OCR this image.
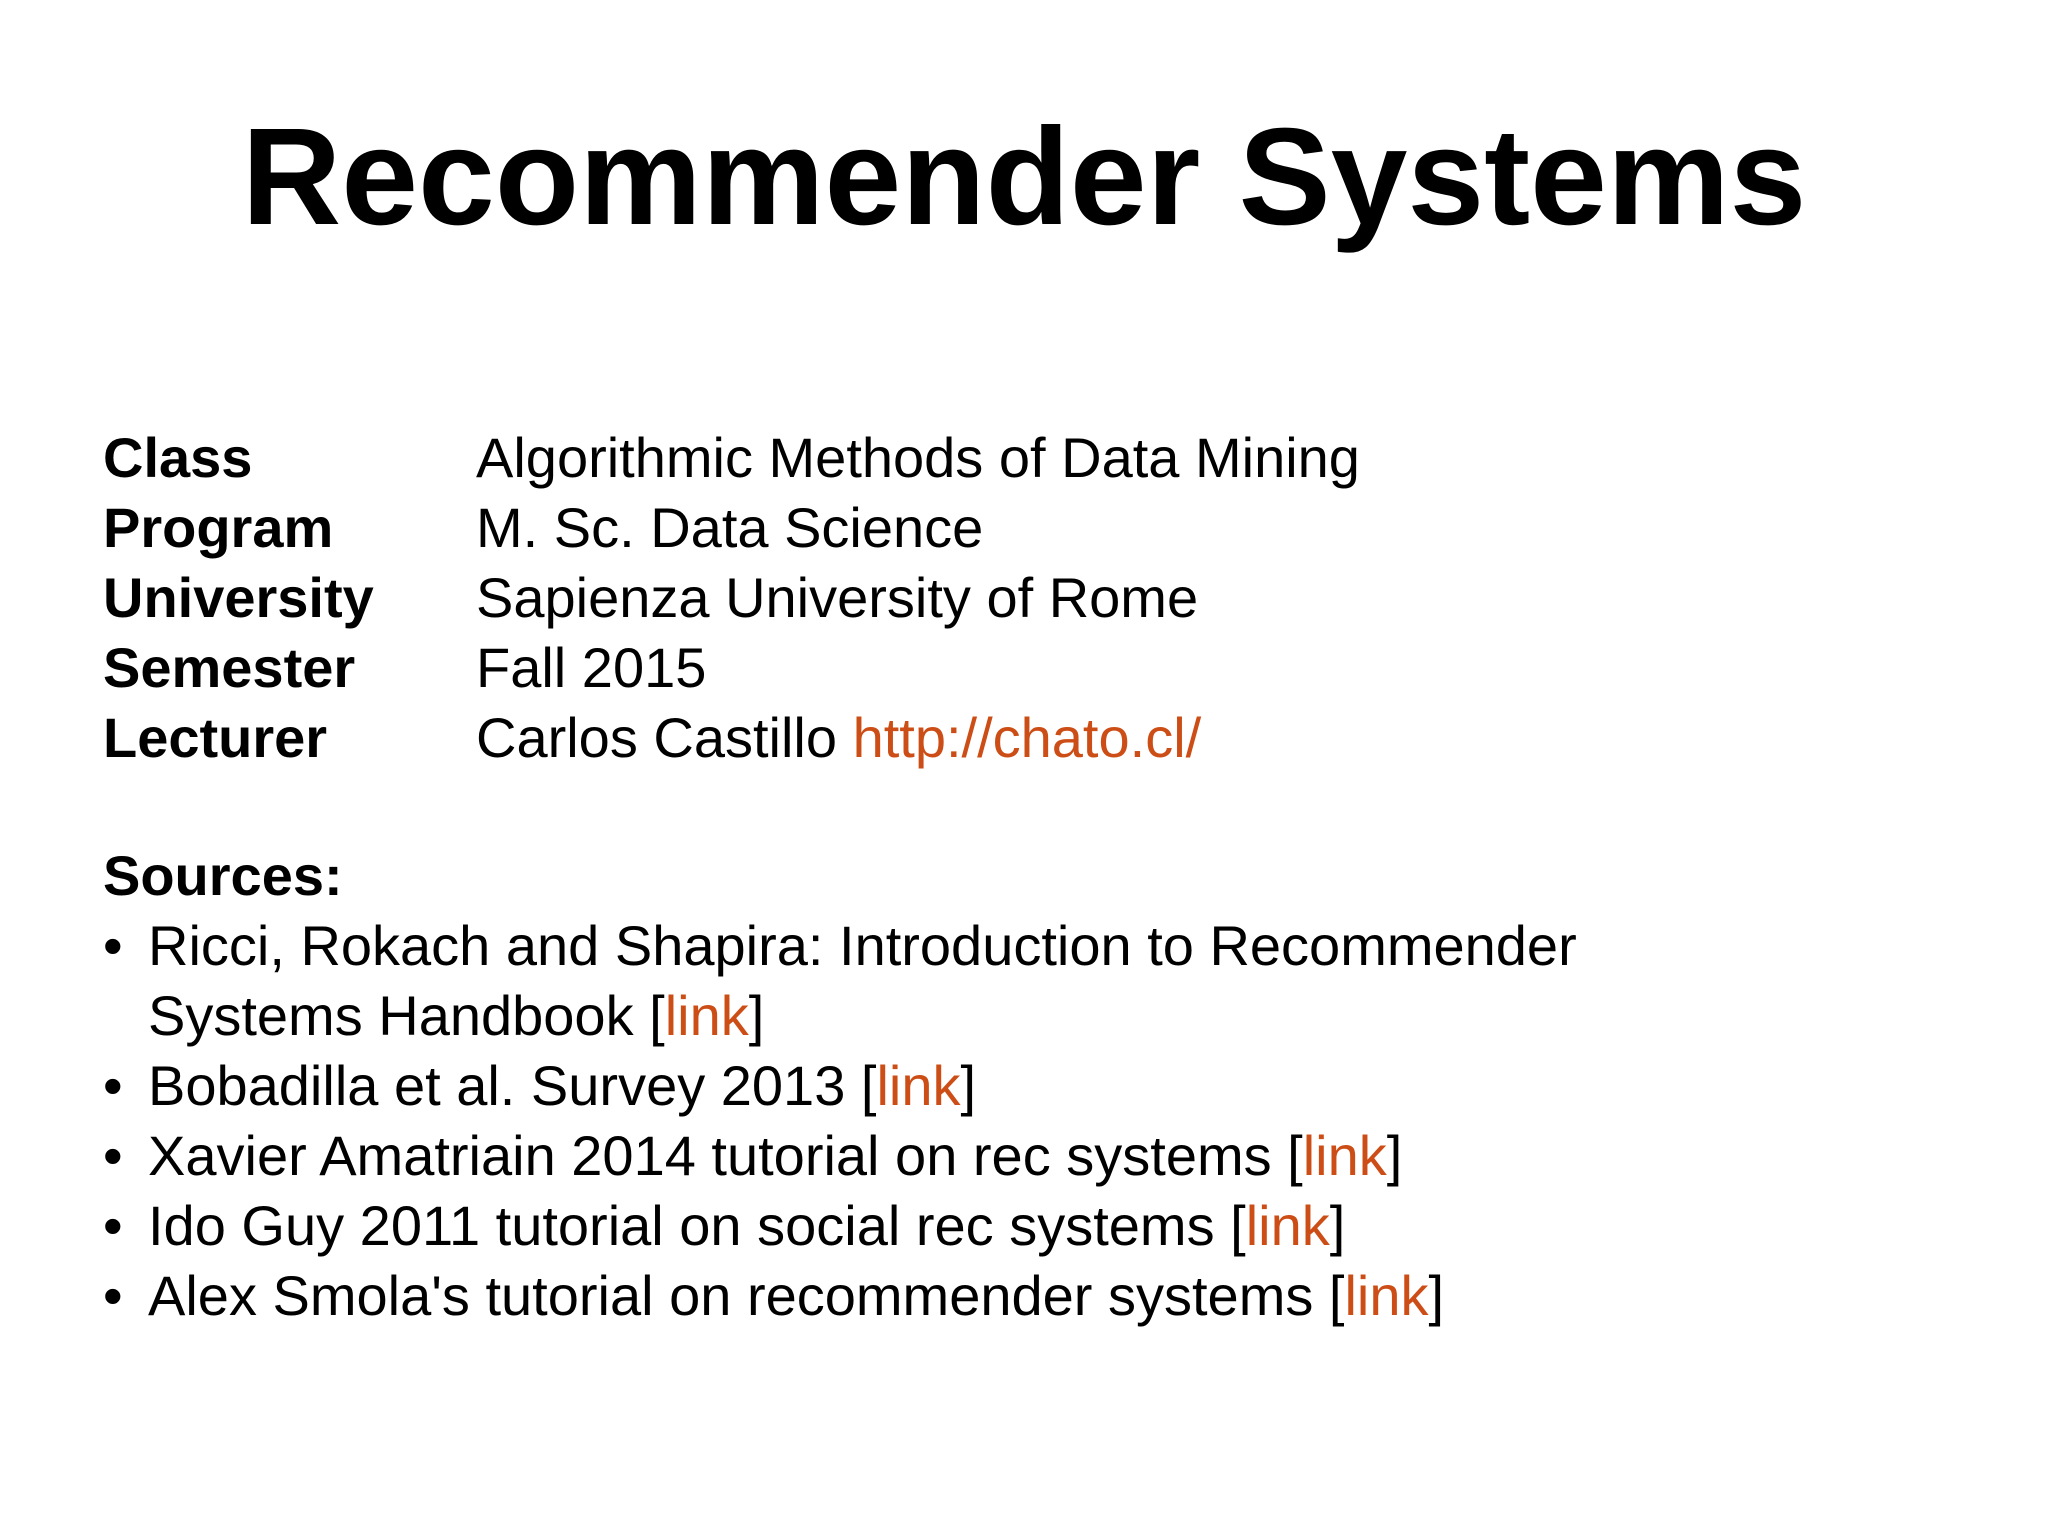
Recommender Systems
Class	Algorithmic Methods of Data Mining
Program	M. Sc. Data Science
University	Sapienza University of Rome
Semester	Fall 2015
Lecturer	Carlos Castillo http://chato.cl/
Sources:
• Ricci, Rokach and Shapira: Introduction to Recommender
Systems Handbook [link]
• Bobadilla et al. Survey 2013 [link]
• Xavier Amatriain 2014 tutorial on rec systems [link]
• Ido Guy 2011 tutorial on social rec systems [link]
• Alex Smola's tutorial on recommender systems [link]
